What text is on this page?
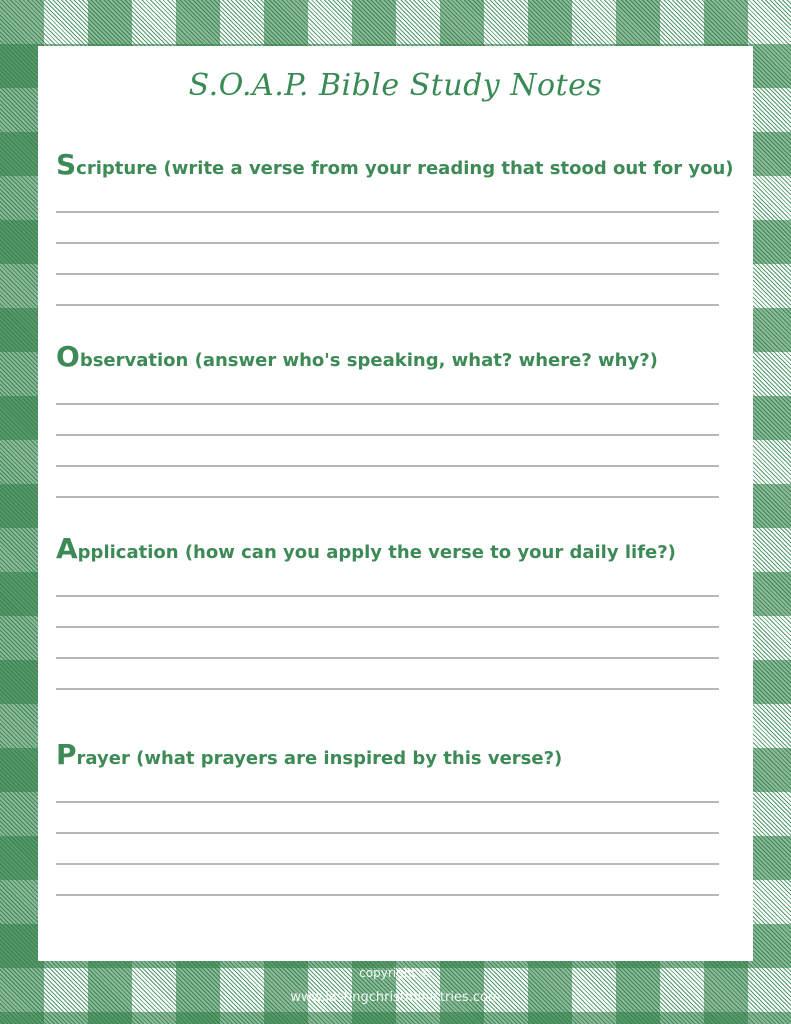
S.O.A.P. Bible Study Notes
Scripture (write a verse from your reading that stood out for you)
Observation (answer who's speaking, what? where? why?)
Application (how can you apply the verse to your daily life?)
Prayer (what prayers are inspired by this verse?)
copyright ©
www.lastingchristministries.com
